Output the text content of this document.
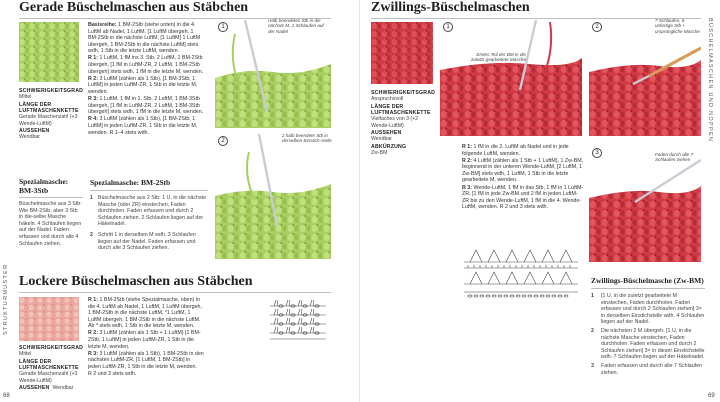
STRUKTURMUSTER
68
Gerade Büschelmaschen aus Stäbchen
SCHWIERIGKEITSGRAD
Mittel
LÄNGE DER LUFTMASCHENKETTE
Gerade Maschenzahl (+3 Wende-LuftM)
AUSSEHEN
Wendbar
Basisreihe: 1 BM-2Stb (siehe unten) in die 4. LuftM ab Nadel, 1 LuftM, [1 LuftM übergeh, 1 BM-2Stb in die nächste LuftM, [1 LuftM] 1 LuftM übergeh, 1 BM-2Stb in die nächste LuftM] stets wdh, 1 Stb in die letzte LuftM, wenden.
R 1: 1 LuftM, 1 fM ins 3. Stb, 2 LuftM, 1 BM-2Stb übergeh, [1 fM in LuftM-ZR, 2 LuftM, 1 BM-2Stb übergeh] stets wdh, 1 fM in die letzte M, wenden.
R 2: 3 LuftM (zählen als 1 Stb), [1 BM-3Stb, 1 LuftM] in jeden LuftM-ZR, 1 Stb in die letzte M, wenden.
R 3: 1 LuftM, 1 fM in 1. Stb, 2 LuftM, 1 BM-3Stb übergeh, [1 fM in LuftM-ZR, 2 LuftM, 1 BM-3Stb übergeh] stets wdh, 1 fM in die letzte M, wenden.
R 4: 3 LuftM (zählen als 1 Stb), [1 BM-2Stb, 1 LuftM] in jeden LuftM-ZR, 1 Stb in die letzte M, wenden. R 1–4 stets wdh.
1
Halb beendetes Stb in die nächste M, 2 Schlaufen auf der Nadel
2
2 halb beendete Stb in derselben Einstich-stelle
Spezialmasche: BM-3Stb
Büschelmasche aus 3 Stb: Wie BM-2Stb, aber 3 Stb in die-selbe Masche häkeln. 4 Schlaufen liegen auf der Nadel. Faden erfassen und durch alle 4 Schlaufen ziehen.
Spezialmasche: BM-2Stb
1 Büschelmasche aus 2 Stb: 1 U, in die nächste Masche (oder ZR) einstechen, Faden durchholen. Faden erfassen und durch 2 Schlaufen ziehen. 2 Schlaufen liegen auf der Häkelnadel.
2 Schritt 1 in derselben M wdh. 3 Schlaufen liegen auf der Nadel. Faden erfassen und durch alle 3 Schlaufen ziehen.
Lockere Büschelmaschen aus Stäbchen
SCHWIERIGKEITSGRAD
Mittel
LÄNGE DER LUFTMASCHENKETTE
Gerade Maschenzahl (+3 Wende-LuftM)
AUSSEHEN Wendbar
R 1: 1 BM-2Stb (siehe Spezialmasche, oben) in die 4. LuftM ab Nadel, 1 LuftM, 1 LuftM übergeh, 1 BM-2Stb in die nächste LuftM, *1 LuftM, 1 LuftM übergeh, 1 BM-2Stb in die nächste LuftM. Ab * stets wdh, 1 Stb in die letzte M, wenden.
R 2: 3 LuftM (zählen als 1 Stb + 1 LuftM) [1 BM-2Stb, 1 LuftM] in jeden LuftM-ZR, 1 Stb in die letzte M, wenden.
R 3: 3 LuftM (zählen als 1 Stb), 1 BM-2Stb in den nächsten LuftM-ZR, [1 LuftM, 1 BM-2Stb] in jeden LuftM-ZR, 1 Stb in die letzte M, wenden.
R 2 und 3 stets wdh.
Zwillings-Büschelmaschen
BÜSCHELMASCHEN UND NOPPEN
69
SCHWIERIGKEITSGRAD
Anspruchsvoll
LÄNGE DER LUFTMASCHENKETTE
Vielfaches von 3 (+2 Wende-LuftM)
AUSSEHEN
Wendbar
ABKÜRZUNG
Zw-BM
1
Erstes Teil der BM in die zuletzt gearbeitete Masche
2
7 Schlaufen, 6 unfertige Stb + ursprüngliche Masche
3	Faden durch alle 7 Schlaufen ziehen
R 1: 1 fM in die 2. LuftM ab Nadel und in jede folgende LuftM, wenden.
R 2: 4 LuftM (zählen als 1 Stb + 1 LuftM), 1 Zw-BM, beginnend in der unteren Wende-LuftM, [2 LuftM, 1 Zw-BM] stets wdh, 1 LuftM, 1 Stb in die letzte gearbeitete M, wenden.
R 3: Wende-LuftM, 1 fM in das Stb, 1 fM in 1 LuftM-ZR, [1 fM in jede Zw-BM und 2 fM in jeden LuftM-ZR bis zu den Wende-LuftM, 1 fM in die 4. Wende-LuftM, wenden. R 2 und 3 stets wdh.
Zwillings-Büschelmasche (Zw-BM)
1	[1 U, in die zuletzt gearbeitete M einstechen, Faden durchholen. Faden erfassen und durch 2 Schlaufen ziehen] 3× in derselben Einstichstelle wdh. 4 Schlaufen liegen auf der Nadel.
2	Die nächsten 2 M übergeh. [1 U, in die nächste Masche einstechen, Faden durchholen. Faden erfassen und durch 2 Schlaufen ziehen] 3× in dieser Einstichstelle wdh. 7 Schlaufen liegen auf der Häkelnadel.
3	Faden erfassen und durch alle 7 Schlaufen ziehen.
